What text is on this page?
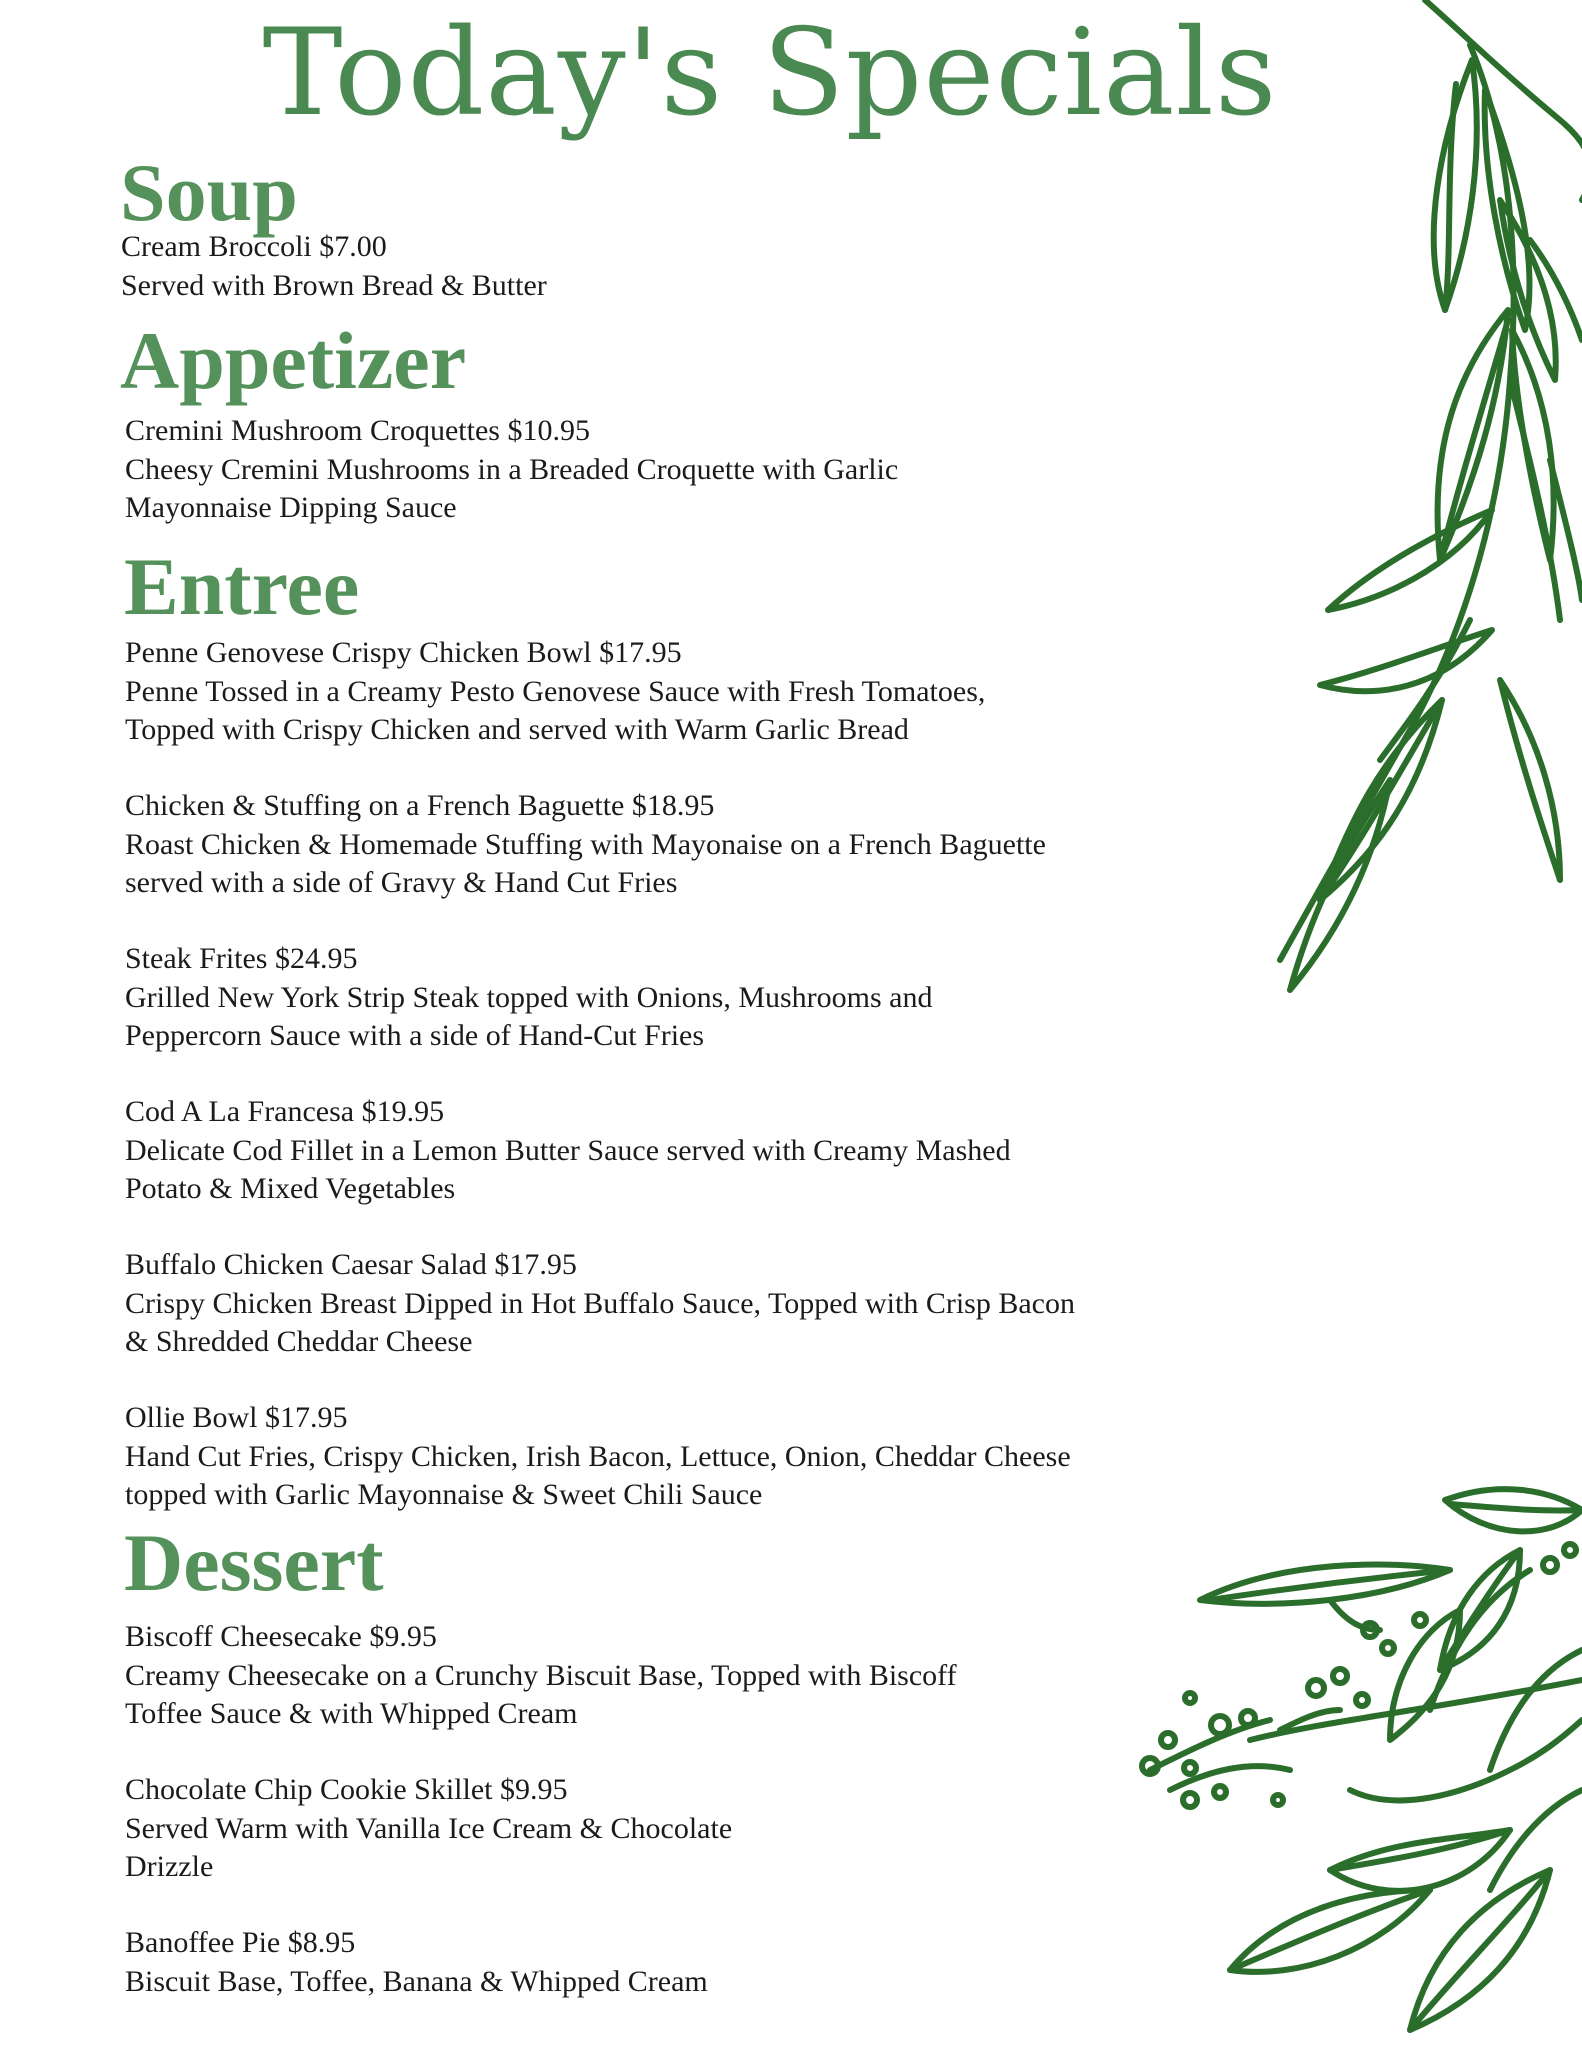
Today's Specials
Soup
Cream Broccoli $7.00
Served with Brown Bread & Butter
Appetizer
Cremini Mushroom Croquettes $10.95
Cheesy Cremini Mushrooms in a Breaded Croquette with Garlic
Mayonnaise Dipping Sauce
Entree
Penne Genovese Crispy Chicken Bowl $17.95
Penne Tossed in a Creamy Pesto Genovese Sauce with Fresh Tomatoes,
Topped with Crispy Chicken and served with Warm Garlic Bread
Chicken & Stuffing on a French Baguette $18.95
Roast Chicken & Homemade Stuffing with Mayonaise on a French Baguette
served with a side of Gravy & Hand Cut Fries
Steak Frites $24.95
Grilled New York Strip Steak topped with Onions, Mushrooms and
Peppercorn Sauce with a side of Hand-Cut Fries
Cod A La Francesa $19.95
Delicate Cod Fillet in a Lemon Butter Sauce served with Creamy Mashed
Potato & Mixed Vegetables
Buffalo Chicken Caesar Salad $17.95
Crispy Chicken Breast Dipped in Hot Buffalo Sauce, Topped with Crisp Bacon
& Shredded Cheddar Cheese
Ollie Bowl $17.95
Hand Cut Fries, Crispy Chicken, Irish Bacon, Lettuce, Onion, Cheddar Cheese
topped with Garlic Mayonnaise & Sweet Chili Sauce
Dessert
Biscoff Cheesecake $9.95
Creamy Cheesecake on a Crunchy Biscuit Base, Topped with Biscoff
Toffee Sauce & with Whipped Cream
Chocolate Chip Cookie Skillet $9.95
Served Warm with Vanilla Ice Cream & Chocolate
Drizzle
Banoffee Pie $8.95
Biscuit Base, Toffee, Banana & Whipped Cream
